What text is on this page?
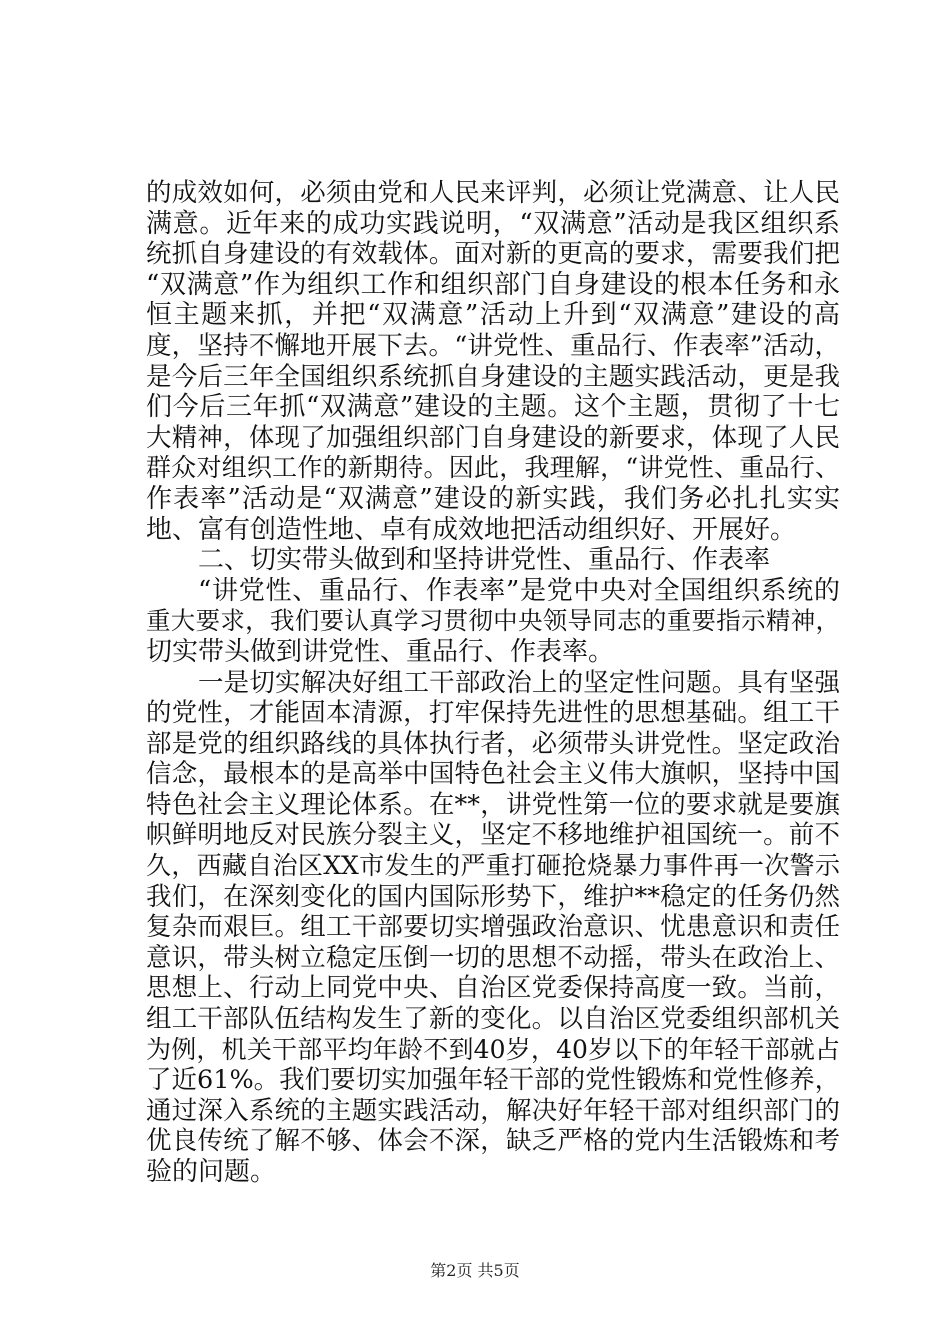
的成效如何，必须由党和人民来评判，必须让党满意、让人民
满意。近年来的成功实践说明，“双满意”活动是我区组织系
统抓自身建设的有效载体。面对新的更高的要求，需要我们把
“双满意”作为组织工作和组织部门自身建设的根本任务和永
恒主题来抓，并把“双满意”活动上升到“双满意”建设的高
度，坚持不懈地开展下去。“讲党性、重品行、作表率”活动，
是今后三年全国组织系统抓自身建设的主题实践活动，更是我
们今后三年抓“双满意”建设的主题。这个主题，贯彻了十七
大精神，体现了加强组织部门自身建设的新要求，体现了人民
群众对组织工作的新期待。因此，我理解，“讲党性、重品行、
作表率”活动是“双满意”建设的新实践，我们务必扎扎实实
地、富有创造性地、卓有成效地把活动组织好、开展好。
二、切实带头做到和坚持讲党性、重品行、作表率
“讲党性、重品行、作表率”是党中央对全国组织系统的
重大要求，我们要认真学习贯彻中央领导同志的重要指示精神，
切实带头做到讲党性、重品行、作表率。
一是切实解决好组工干部政治上的坚定性问题。具有坚强
的党性，才能固本清源，打牢保持先进性的思想基础。组工干
部是党的组织路线的具体执行者，必须带头讲党性。坚定政治
信念，最根本的是高举中国特色社会主义伟大旗帜，坚持中国
特色社会主义理论体系。在**，讲党性第一位的要求就是要旗
帜鲜明地反对民族分裂主义，坚定不移地维护祖国统一。前不
久，西藏自治区XX市发生的严重打砸抢烧暴力事件再一次警示
我们，在深刻变化的国内国际形势下，维护**稳定的任务仍然
复杂而艰巨。组工干部要切实增强政治意识、忧患意识和责任
意识，带头树立稳定压倒一切的思想不动摇，带头在政治上、
思想上、行动上同党中央、自治区党委保持高度一致。当前，
组工干部队伍结构发生了新的变化。以自治区党委组织部机关
为例，机关干部平均年龄不到40岁，40岁以下的年轻干部就占
了近61%。我们要切实加强年轻干部的党性锻炼和党性修养，
通过深入系统的主题实践活动，解决好年轻干部对组织部门的
优良传统了解不够、体会不深，缺乏严格的党内生活锻炼和考
验的问题。
第2页 共5页
